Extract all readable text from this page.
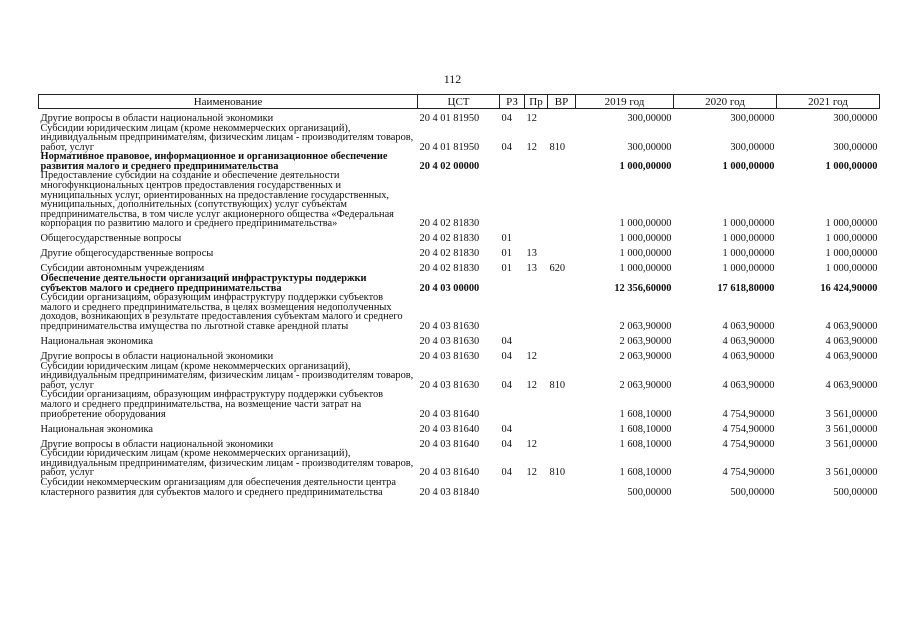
112
Наименование	ЦСТ	РЗ	Пр	ВР	2019 год	2020 год	2021 год
Другие вопросы в области национальной экономики	20 4 01 81950	04	12		300,00000	300,00000	300,00000
Субсидии юридическим лицам (кроме некоммерческих организаций), индивидуальным предпринимателям, физическим лицам - производителям товаров, работ, услуг	20 4 01 81950	04	12	810	300,00000	300,00000	300,00000
Нормативное правовое, информационное и организационное обеспечение развития малого и среднего предпринимательства	20 4 02 00000				1 000,00000	1 000,00000	1 000,00000
Предоставление субсидии на создание и обеспечение деятельности многофункциональных центров предоставления государственных и муниципальных услуг, ориентированных на предоставление государственных, муниципальных, дополнительных (сопутствующих) услуг субъектам предпринимательства, в том числе услуг акционерного общества «Федеральная корпорация по развитию малого и среднего предпринимательства»	20 4 02 81830				1 000,00000	1 000,00000	1 000,00000
Общегосударственные вопросы	20 4 02 81830	01			1 000,00000	1 000,00000	1 000,00000
Другие общегосударственные вопросы	20 4 02 81830	01	13		1 000,00000	1 000,00000	1 000,00000
Субсидии автономным учреждениям	20 4 02 81830	01	13	620	1 000,00000	1 000,00000	1 000,00000
Обеспечение деятельности организаций инфраструктуры поддержки субъектов малого и среднего предпринимательства	20 4 03 00000				12 356,60000	17 618,80000	16 424,90000
Субсидии организациям, образующим инфраструктуру поддержки субъектов малого и среднего предпринимательства, в целях возмещения недополученных доходов, возникающих в результате предоставления субъектам малого и среднего предпринимательства имущества по льготной ставке арендной платы	20 4 03 81630				2 063,90000	4 063,90000	4 063,90000
Национальная экономика	20 4 03 81630	04			2 063,90000	4 063,90000	4 063,90000
Другие вопросы в области национальной экономики	20 4 03 81630	04	12		2 063,90000	4 063,90000	4 063,90000
Субсидии юридическим лицам (кроме некоммерческих организаций), индивидуальным предпринимателям, физическим лицам - производителям товаров, работ, услуг	20 4 03 81630	04	12	810	2 063,90000	4 063,90000	4 063,90000
Субсидии организациям, образующим инфраструктуру поддержки субъектов малого и среднего предпринимательства, на возмещение части затрат на приобретение оборудования	20 4 03 81640				1 608,10000	4 754,90000	3 561,00000
Национальная экономика	20 4 03 81640	04			1 608,10000	4 754,90000	3 561,00000
Другие вопросы в области национальной экономики	20 4 03 81640	04	12		1 608,10000	4 754,90000	3 561,00000
Субсидии юридическим лицам (кроме некоммерческих организаций), индивидуальным предпринимателям, физическим лицам - производителям товаров, работ, услуг	20 4 03 81640	04	12	810	1 608,10000	4 754,90000	3 561,00000
Субсидии некоммерческим организациям для обеспечения деятельности центра кластерного развития для субъектов малого и среднего предпринимательства	20 4 03 81840				500,00000	500,00000	500,00000
